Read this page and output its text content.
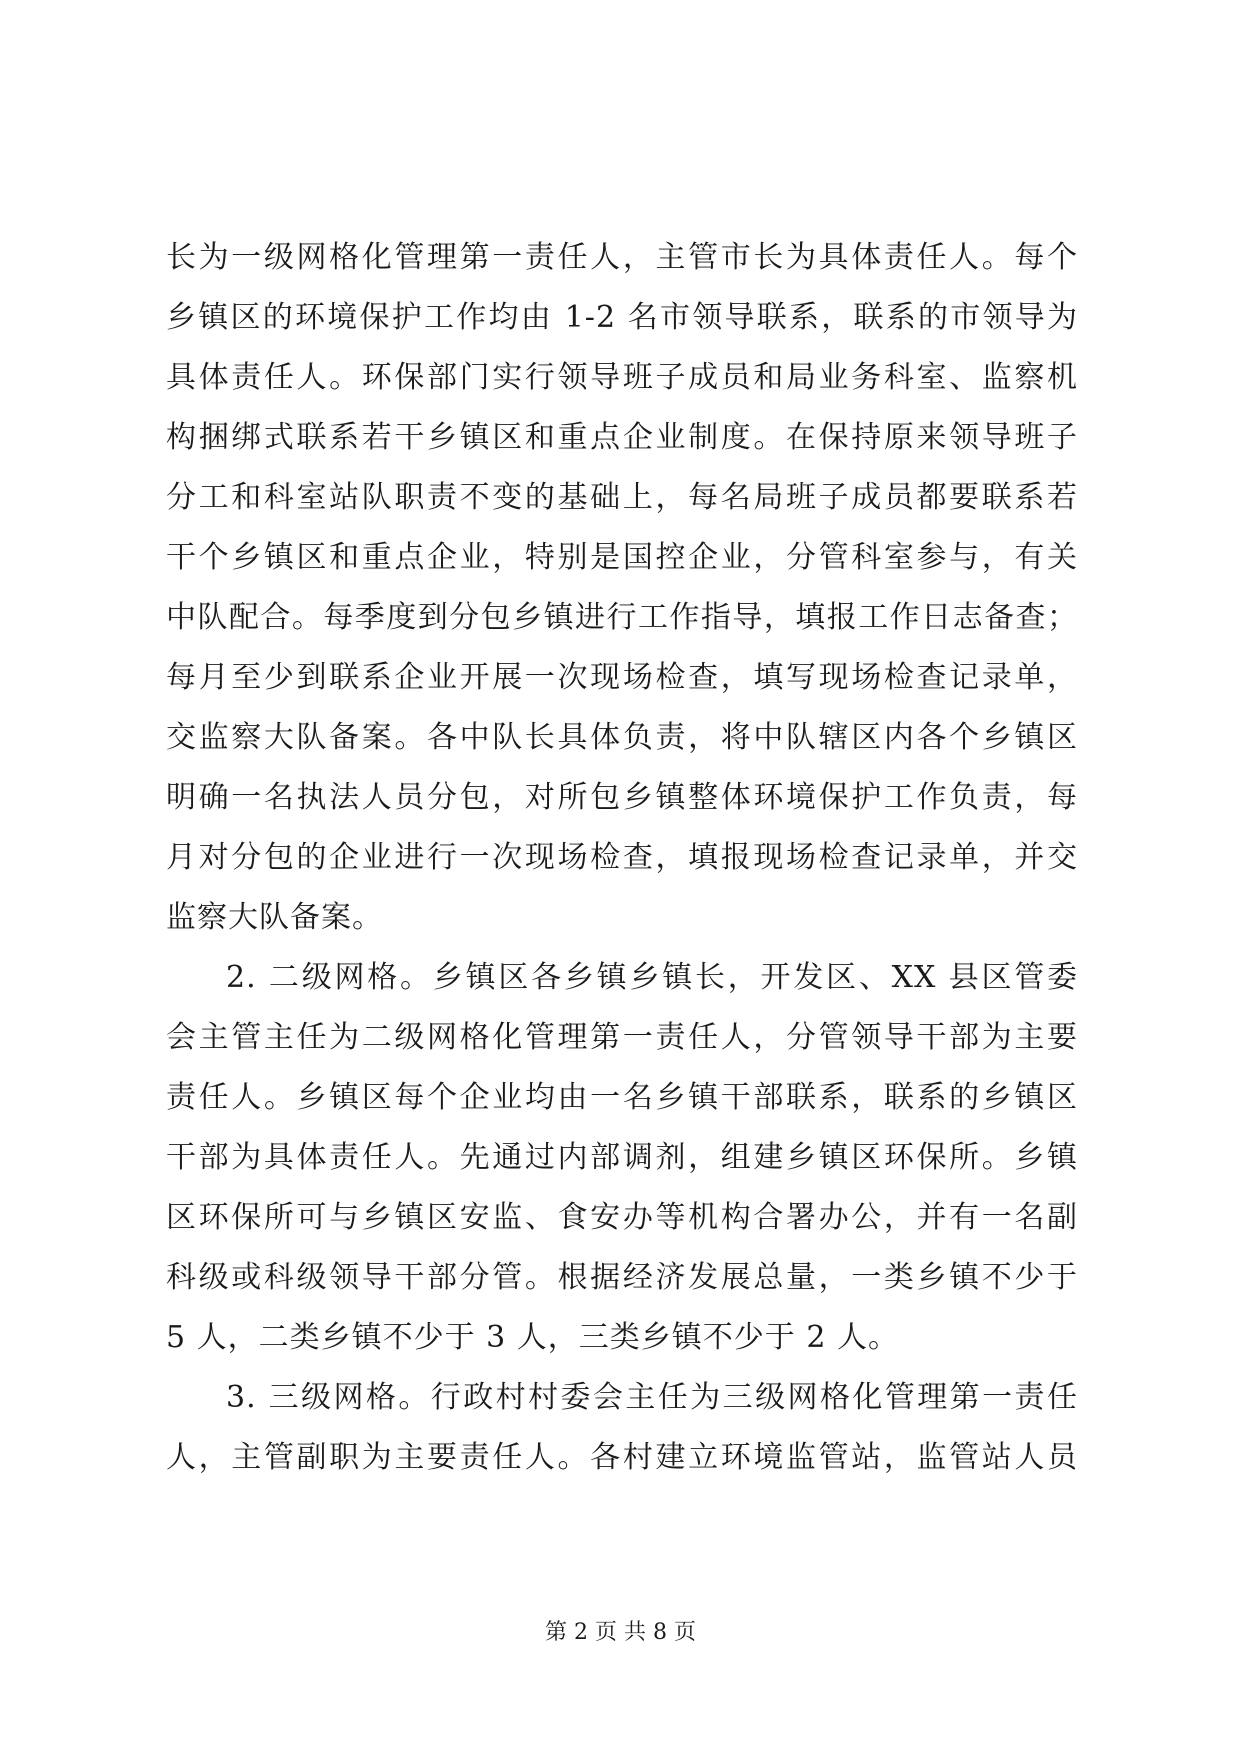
长为一级网格化管理第一责任人，主管市长为具体责任人。每个
乡镇区的环境保护工作均由 1-2 名市领导联系，联系的市领导为
具体责任人。环保部门实行领导班子成员和局业务科室、监察机
构捆绑式联系若干乡镇区和重点企业制度。在保持原来领导班子
分工和科室站队职责不变的基础上，每名局班子成员都要联系若
干个乡镇区和重点企业，特别是国控企业，分管科室参与，有关
中队配合。每季度到分包乡镇进行工作指导，填报工作日志备查；
每月至少到联系企业开展一次现场检查，填写现场检查记录单，
交监察大队备案。各中队长具体负责，将中队辖区内各个乡镇区
明确一名执法人员分包，对所包乡镇整体环境保护工作负责，每
月对分包的企业进行一次现场检查，填报现场检查记录单，并交
监察大队备案。
2. 二级网格。乡镇区各乡镇乡镇长，开发区、XX 县区管委
会主管主任为二级网格化管理第一责任人，分管领导干部为主要
责任人。乡镇区每个企业均由一名乡镇干部联系，联系的乡镇区
干部为具体责任人。先通过内部调剂，组建乡镇区环保所。乡镇
区环保所可与乡镇区安监、食安办等机构合署办公，并有一名副
科级或科级领导干部分管。根据经济发展总量，一类乡镇不少于
5 人，二类乡镇不少于 3 人，三类乡镇不少于 2 人。
3. 三级网格。行政村村委会主任为三级网格化管理第一责任
人，主管副职为主要责任人。各村建立环境监管站，监管站人员
第 2 页 共 8 页
